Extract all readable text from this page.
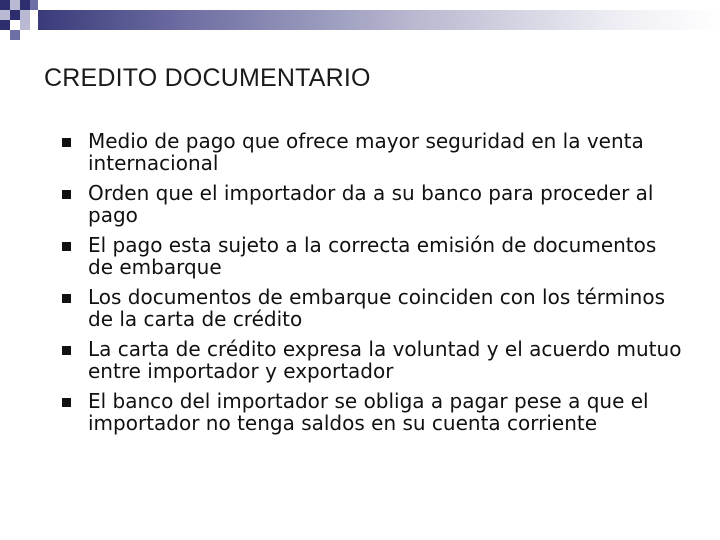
CREDITO DOCUMENTARIO
Medio de pago que ofrece mayor seguridad en la venta internacional
Orden que el importador da a su banco para proceder al pago
El pago esta sujeto a la correcta emisión de documentos de embarque
Los documentos de embarque coinciden con los términos de la carta de crédito
La carta de crédito expresa la voluntad y el acuerdo mutuo entre importador y exportador
El banco del importador se obliga a pagar pese a que el importador no tenga saldos en su cuenta corriente
